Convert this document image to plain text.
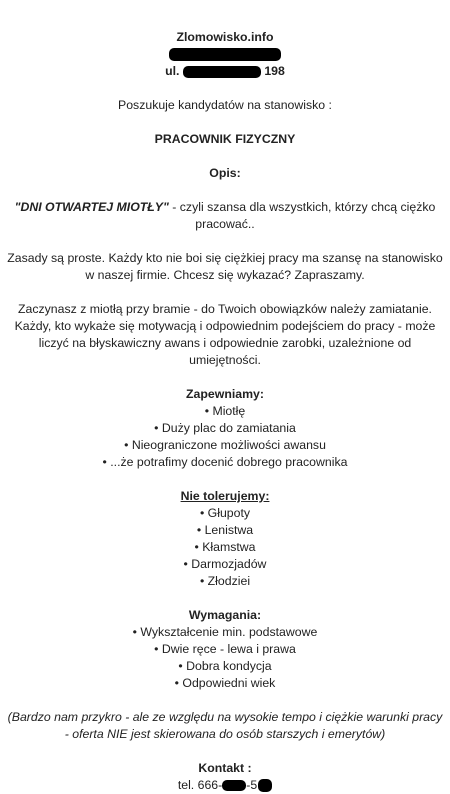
Zlomowisko.info
ul.	198
Poszukuje kandydatów na stanowisko :
PRACOWNIK FIZYCZNY
Opis:
"DNI OTWARTEJ MIOTŁY" - czyli szansa dla wszystkich, którzy chcą ciężko pracować..
Zasady są proste. Każdy kto nie boi się ciężkiej pracy ma szansę na stanowisko w naszej firmie. Chcesz się wykazać? Zapraszamy.
Zaczynasz z miotłą przy bramie - do Twoich obowiązków należy zamiatanie. Każdy, kto wykaże się motywacją i odpowiednim podejściem do pracy - może liczyć na błyskawiczny awans i odpowiednie zarobki, uzależnione od umiejętności.
Zapewniamy:
• Miotłę
• Duży plac do zamiatania
• Nieograniczone możliwości awansu
• ...że potrafimy docenić dobrego pracownika
Nie tolerujemy:
• Głupoty
• Lenistwa
• Kłamstwa
• Darmozjadów
• Złodziei
Wymagania:
• Wykształcenie min. podstawowe
• Dwie ręce - lewa i prawa
• Dobra kondycja
• Odpowiedni wiek
(Bardzo nam przykro - ale ze względu na wysokie tempo i ciężkie warunki pracy - oferta NIE jest skierowana do osób starszych i emerytów)
Kontakt :
tel. 666- -5
